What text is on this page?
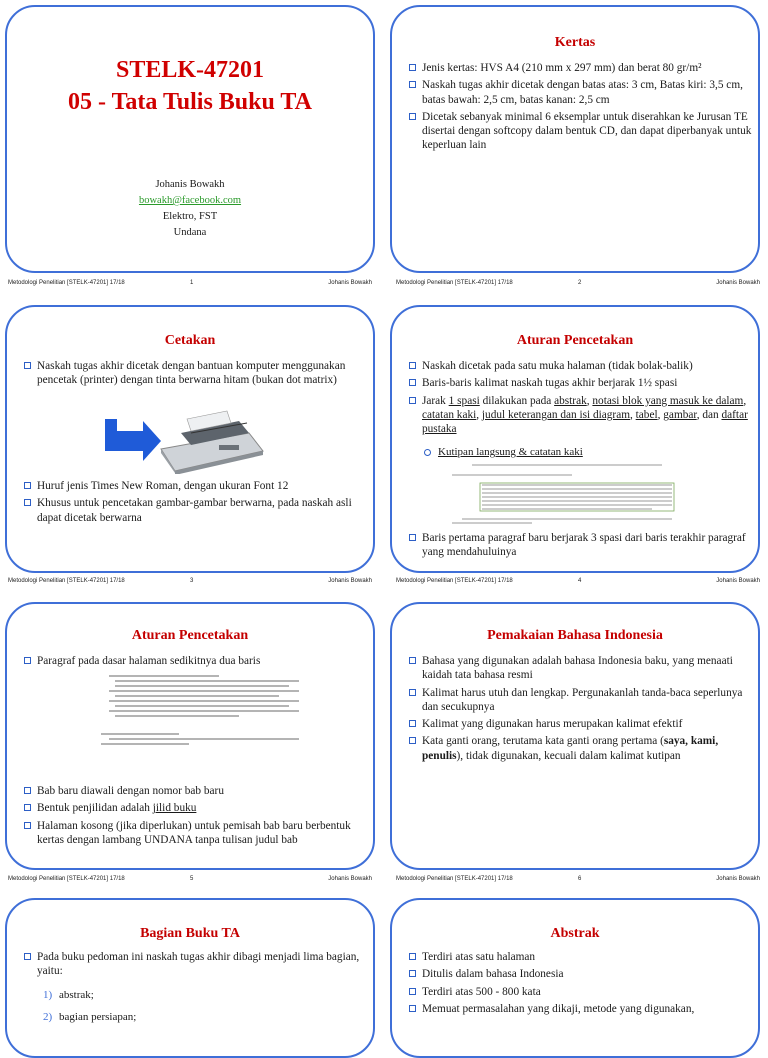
STELK-47201
05 - Tata Tulis Buku TA
Johanis Bowakh
bowakh@facebook.com
Elektro, FST
Undana
Metodologi Penelitian [STELK-47201] 17/18	1	Johanis Bowakh
Kertas
Jenis kertas: HVS A4 (210 mm x 297 mm) dan berat 80 gr/m²
Naskah tugas akhir dicetak dengan batas atas: 3 cm, Batas kiri: 3,5 cm, batas bawah: 2,5 cm, batas kanan: 2,5 cm
Dicetak sebanyak minimal 6 eksemplar untuk diserahkan ke Jurusan TE disertai dengan softcopy dalam bentuk CD, dan dapat diperbanyak untuk keperluan lain
Metodologi Penelitian [STELK-47201] 17/18	2	Johanis Bowakh
Cetakan
Naskah tugas akhir dicetak dengan bantuan komputer menggunakan pencetak (printer) dengan tinta berwarna hitam (bukan dot matrix)
Huruf jenis Times New Roman, dengan ukuran Font 12
Khusus untuk pencetakan gambar-gambar berwarna, pada naskah asli dapat dicetak berwarna
Metodologi Penelitian [STELK-47201] 17/18	3	Johanis Bowakh
Aturan Pencetakan
Naskah dicetak pada satu muka halaman (tidak bolak-balik)
Baris-baris kalimat naskah tugas akhir berjarak 1½ spasi
Jarak 1 spasi dilakukan pada abstrak, notasi blok yang masuk ke dalam, catatan kaki, judul keterangan dan isi diagram, tabel, gambar, dan daftar pustaka
Kutipan langsung & catatan kaki
Baris pertama paragraf baru berjarak 3 spasi dari baris terakhir paragraf yang mendahuluinya
Metodologi Penelitian [STELK-47201] 17/18	4	Johanis Bowakh
Aturan Pencetakan
Paragraf pada dasar halaman sedikitnya dua baris
Bab baru diawali dengan nomor bab baru
Bentuk penjilidan adalah jilid buku
Halaman kosong (jika diperlukan) untuk pemisah bab baru berbentuk kertas dengan lambang UNDANA tanpa tulisan judul bab
Metodologi Penelitian [STELK-47201] 17/18	5	Johanis Bowakh
Pemakaian Bahasa Indonesia
Bahasa yang digunakan adalah bahasa Indonesia baku, yang menaati kaidah tata bahasa resmi
Kalimat harus utuh dan lengkap. Pergunakanlah tanda-baca seperlunya dan secukupnya
Kalimat yang digunakan harus merupakan kalimat efektif
Kata ganti orang, terutama kata ganti orang pertama (saya, kami, penulis), tidak digunakan, kecuali dalam kalimat kutipan
Metodologi Penelitian [STELK-47201] 17/18	6	Johanis Bowakh
Bagian Buku TA
Pada buku pedoman ini naskah tugas akhir dibagi menjadi lima bagian, yaitu:
1) abstrak;
2) bagian persiapan;
Abstrak
Terdiri atas satu halaman
Ditulis dalam bahasa Indonesia
Terdiri atas 500 - 800 kata
Memuat permasalahan yang dikaji, metode yang digunakan,
